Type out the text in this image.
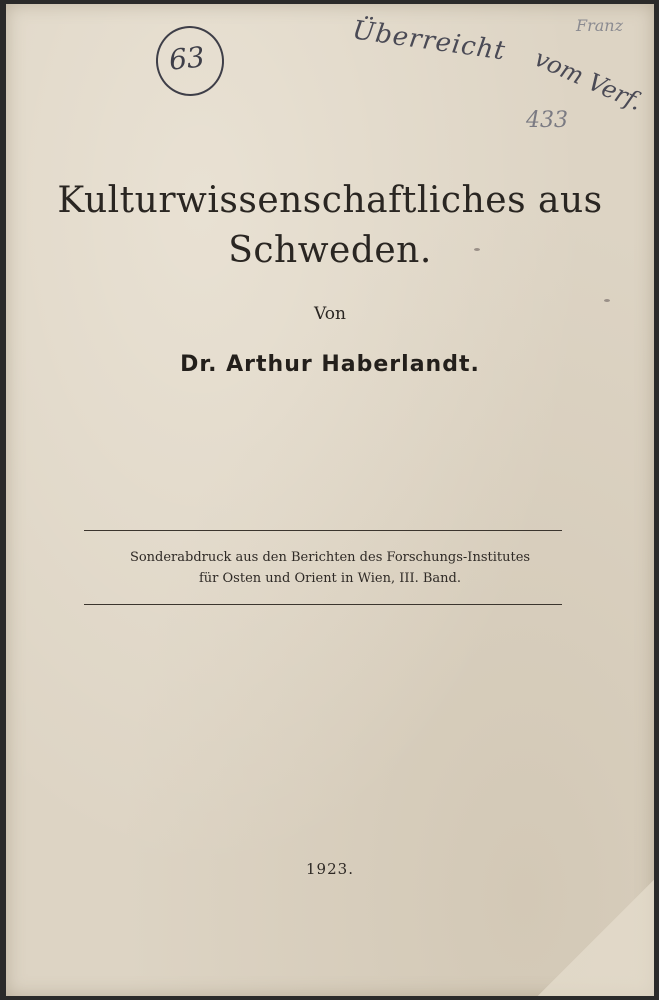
63	Überreicht
vom Verf.
433
Franz
Kulturwissenschaftliches aus
Schweden.
Von
Dr. Arthur Haberlandt.
Sonderabdruck aus den Berichten des Forschungs-Institutes
für Osten und Orient in Wien, III. Band.
1923.
